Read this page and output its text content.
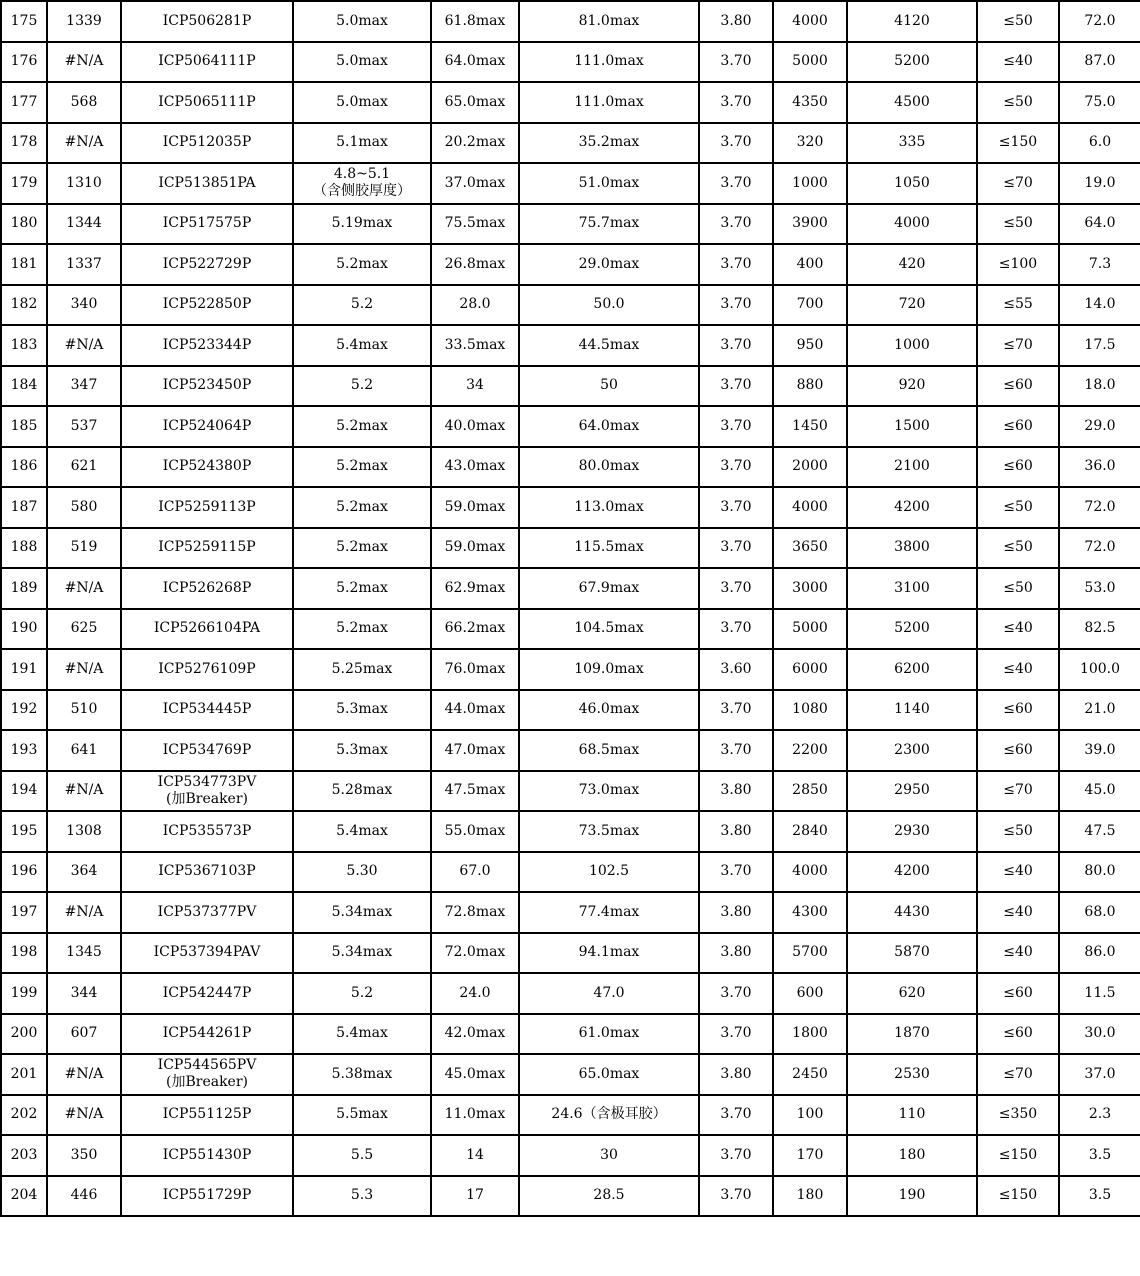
175	1339	ICP506281P	5.0max	61.8max	81.0max	3.80	4000	4120	≤50	72.0

176	#N/A	ICP5064111P	5.0max	64.0max	111.0max	3.70	5000	5200	≤40	87.0

177	568	ICP5065111P	5.0max	65.0max	111.0max	3.70	4350	4500	≤50	75.0

178	#N/A	ICP512035P	5.1max	20.2max	35.2max	3.70	320	335	≤150	6.0

179	1310	ICP513851PA	4.8~5.1
（含侧胶厚度）	37.0max	51.0max	3.70	1000	1050	≤70	19.0

180	1344	ICP517575P	5.19max	75.5max	75.7max	3.70	3900	4000	≤50	64.0

181	1337	ICP522729P	5.2max	26.8max	29.0max	3.70	400	420	≤100	7.3

182	340	ICP522850P	5.2	28.0	50.0	3.70	700	720	≤55	14.0

183	#N/A	ICP523344P	5.4max	33.5max	44.5max	3.70	950	1000	≤70	17.5

184	347	ICP523450P	5.2	34	50	3.70	880	920	≤60	18.0

185	537	ICP524064P	5.2max	40.0max	64.0max	3.70	1450	1500	≤60	29.0

186	621	ICP524380P	5.2max	43.0max	80.0max	3.70	2000	2100	≤60	36.0

187	580	ICP5259113P	5.2max	59.0max	113.0max	3.70	4000	4200	≤50	72.0

188	519	ICP5259115P	5.2max	59.0max	115.5max	3.70	3650	3800	≤50	72.0

189	#N/A	ICP526268P	5.2max	62.9max	67.9max	3.70	3000	3100	≤50	53.0

190	625	ICP5266104PA	5.2max	66.2max	104.5max	3.70	5000	5200	≤40	82.5

191	#N/A	ICP5276109P	5.25max	76.0max	109.0max	3.60	6000	6200	≤40	100.0

192	510	ICP534445P	5.3max	44.0max	46.0max	3.70	1080	1140	≤60	21.0

193	641	ICP534769P	5.3max	47.0max	68.5max	3.70	2200	2300	≤60	39.0

194	#N/A	ICP534773PV
(加Breaker)	5.28max	47.5max	73.0max	3.80	2850	2950	≤70	45.0

195	1308	ICP535573P	5.4max	55.0max	73.5max	3.80	2840	2930	≤50	47.5

196	364	ICP5367103P	5.30	67.0	102.5	3.70	4000	4200	≤40	80.0

197	#N/A	ICP537377PV	5.34max	72.8max	77.4max	3.80	4300	4430	≤40	68.0

198	1345	ICP537394PAV	5.34max	72.0max	94.1max	3.80	5700	5870	≤40	86.0

199	344	ICP542447P	5.2	24.0	47.0	3.70	600	620	≤60	11.5

200	607	ICP544261P	5.4max	42.0max	61.0max	3.70	1800	1870	≤60	30.0

201	#N/A	ICP544565PV
(加Breaker)	5.38max	45.0max	65.0max	3.80	2450	2530	≤70	37.0

202	#N/A	ICP551125P	5.5max	11.0max	24.6（含极耳胶）	3.70	100	110	≤350	2.3

203	350	ICP551430P	5.5	14	30	3.70	170	180	≤150	3.5

204	446	ICP551729P	5.3	17	28.5	3.70	180	190	≤150	3.5
